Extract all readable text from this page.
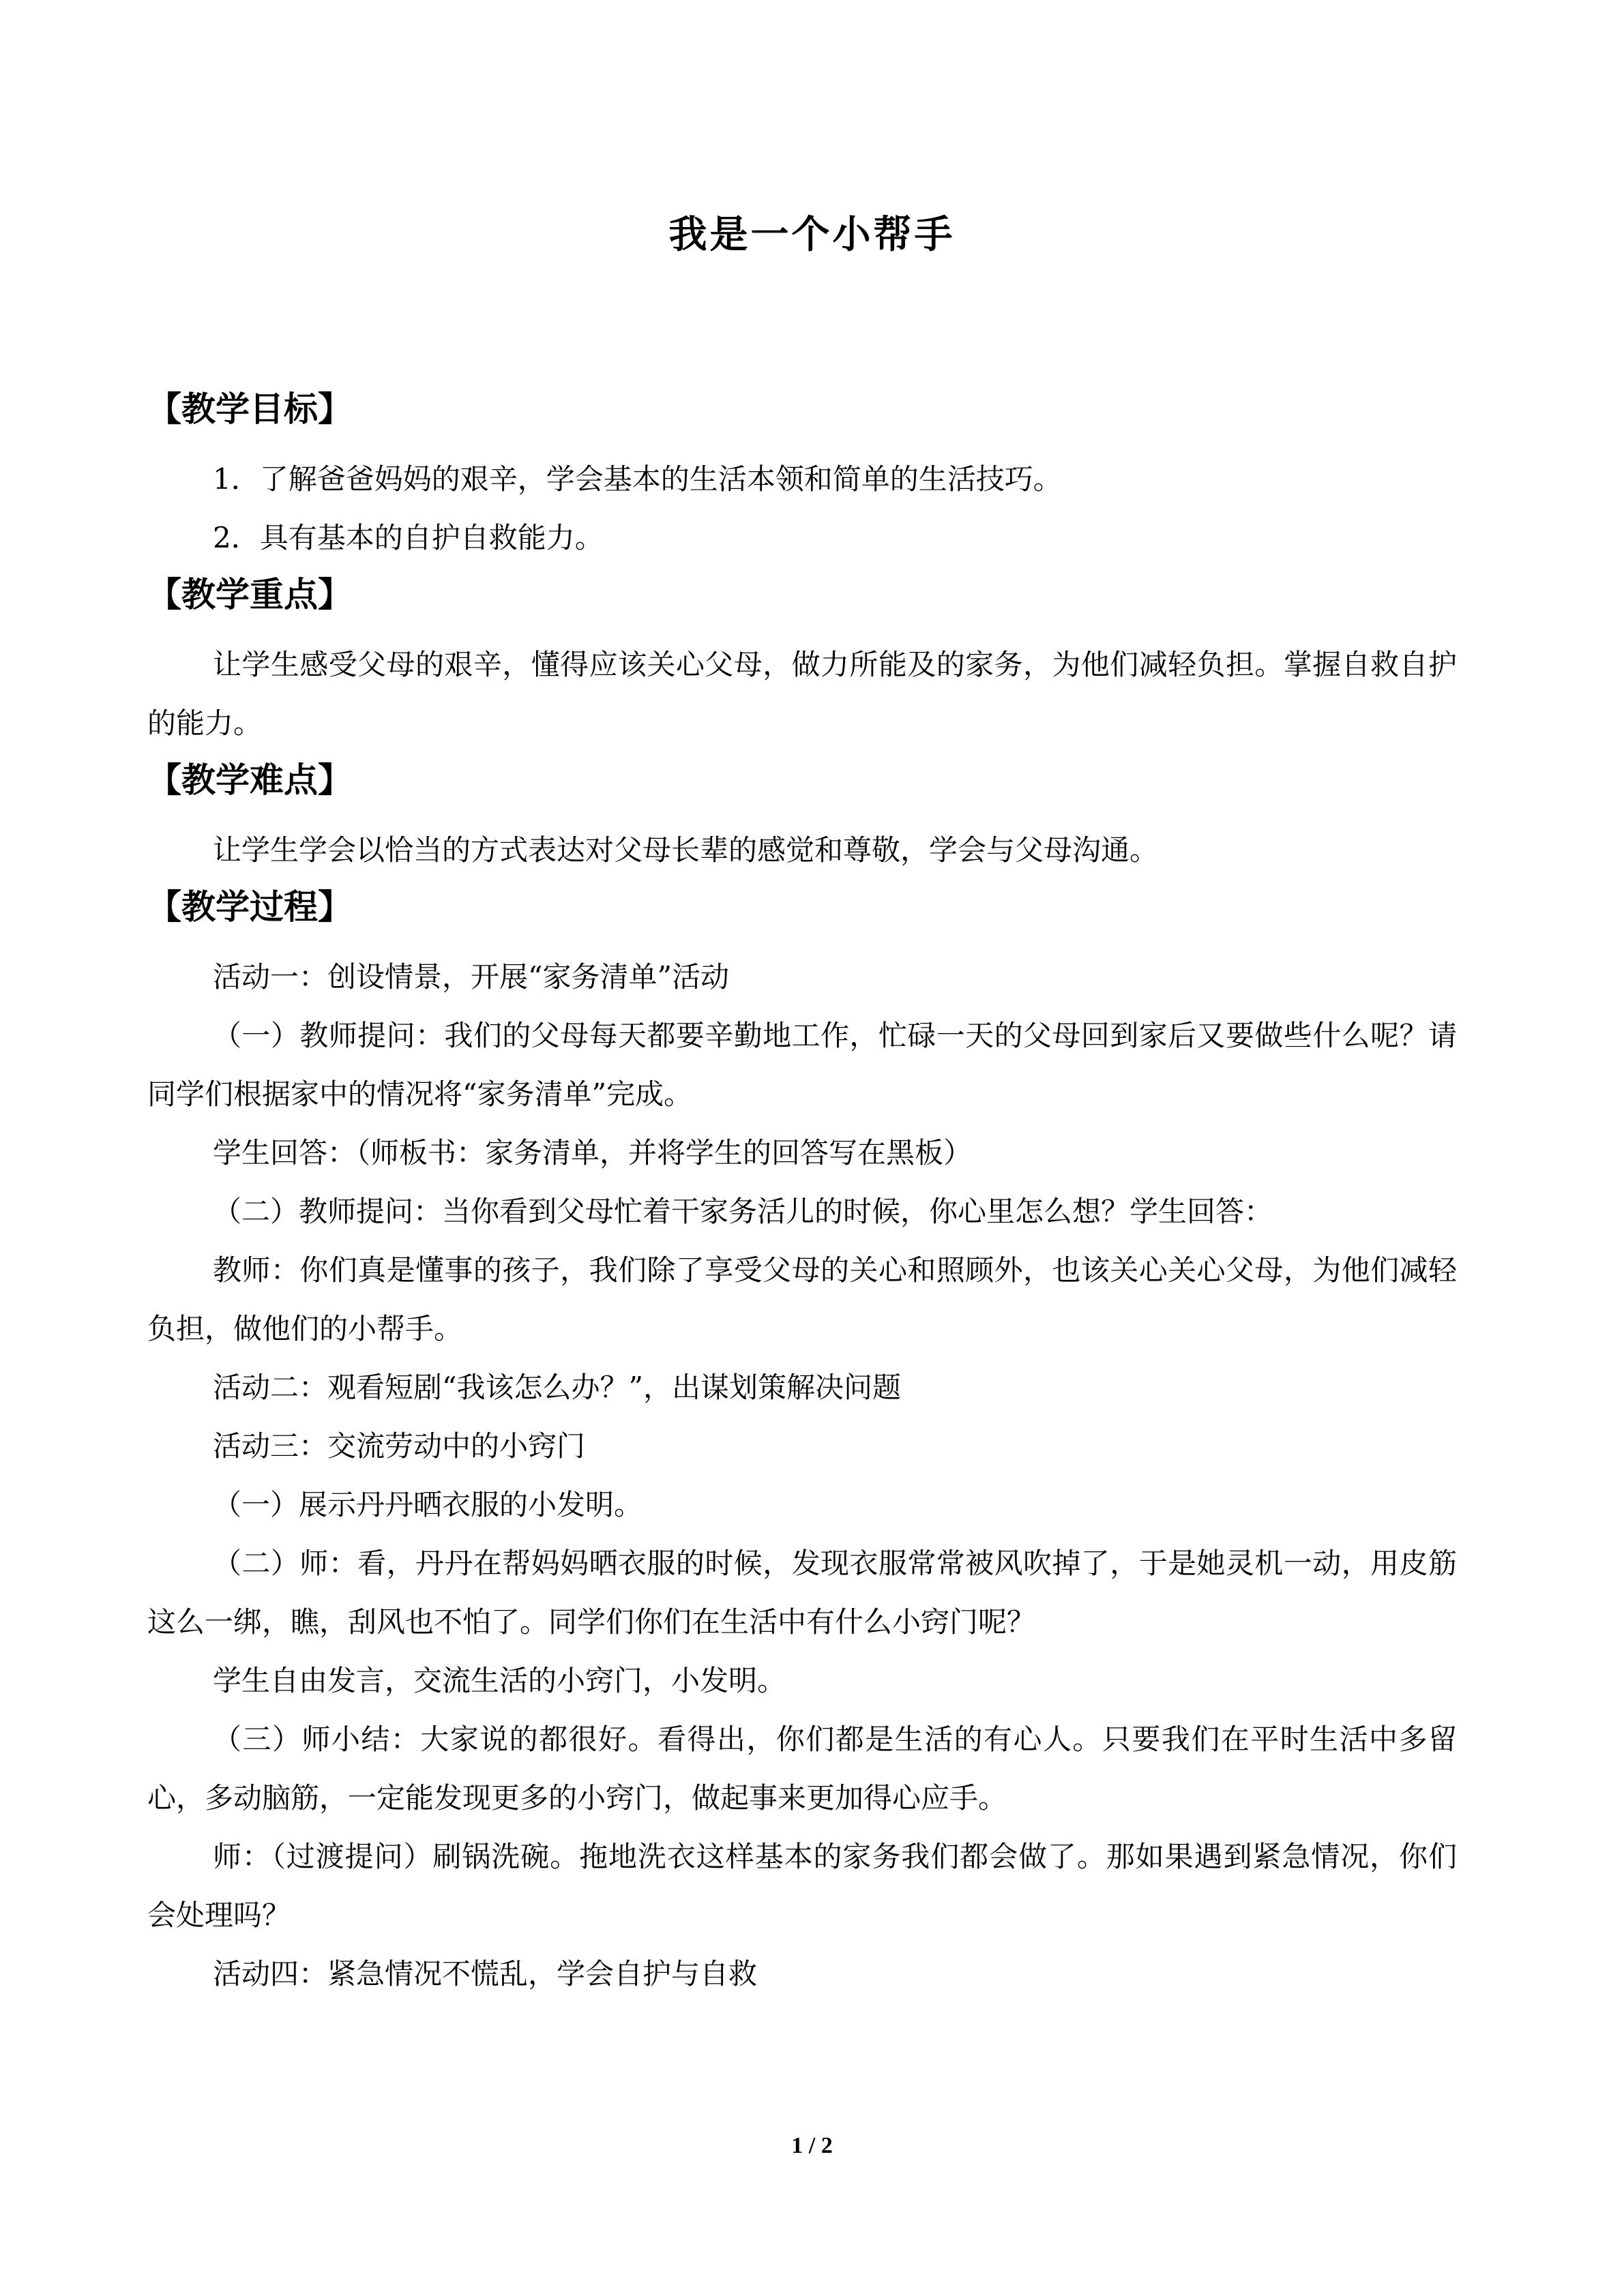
我是一个小帮手
【教学目标】

1．了解爸爸妈妈的艰辛，学会基本的生活本领和简单的生活技巧。

2．具有基本的自护自救能力。

【教学重点】

让学生感受父母的艰辛，懂得应该关心父母，做力所能及的家务，为他们减轻负担。掌握自救自护的能力。

【教学难点】

让学生学会以恰当的方式表达对父母长辈的感觉和尊敬，学会与父母沟通。

【教学过程】

活动一：创设情景，开展“家务清单”活动

（一）教师提问：我们的父母每天都要辛勤地工作，忙碌一天的父母回到家后又要做些什么呢？请同学们根据家中的情况将“家务清单”完成。

学生回答：（师板书：家务清单，并将学生的回答写在黑板）

（二）教师提问：当你看到父母忙着干家务活儿的时候，你心里怎么想？学生回答：

教师：你们真是懂事的孩子，我们除了享受父母的关心和照顾外，也该关心关心父母，为他们减轻负担，做他们的小帮手。

活动二：观看短剧“我该怎么办？”，出谋划策解决问题

活动三：交流劳动中的小窍门

（一）展示丹丹晒衣服的小发明。

（二）师：看，丹丹在帮妈妈晒衣服的时候，发现衣服常常被风吹掉了，于是她灵机一动，用皮筋这么一绑，瞧，刮风也不怕了。同学们你们在生活中有什么小窍门呢？

学生自由发言，交流生活的小窍门，小发明。

（三）师小结：大家说的都很好。看得出，你们都是生活的有心人。只要我们在平时生活中多留心，多动脑筋，一定能发现更多的小窍门，做起事来更加得心应手。

师：（过渡提问）刷锅洗碗。拖地洗衣这样基本的家务我们都会做了。那如果遇到紧急情况，你们会处理吗？

活动四：紧急情况不慌乱，学会自护与自救

1 / 2
